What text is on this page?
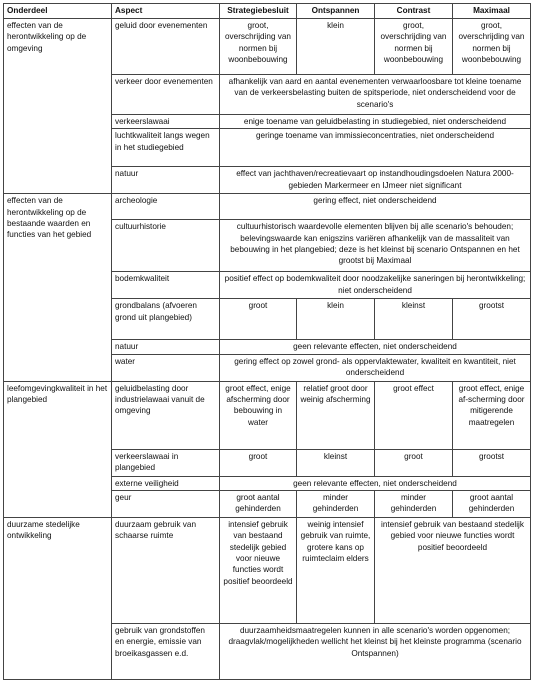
Onderdeel	Aspect	Strategiebesluit	Ontspannen	Contrast	Maximaal
effecten van de herontwikkeling op de omgeving	geluid door evenementen	groot, overschrijding van normen bij woonbebouwing	klein	groot, overschrijding van normen bij woonbebouwing	groot, overschrijding van normen bij woonbebouwing
	verkeer door evenementen	afhankelijk van aard en aantal evenementen verwaarloosbare tot kleine toename van de verkeersbelasting buiten de spitsperiode, niet onderscheidend voor de scenario's			
	verkeerslawaai	enige toename van geluidbelasting in studiegebied, niet onderscheidend			
	luchtkwaliteit langs wegen in het studiegebied	geringe toename van immissieconcentraties, niet onderscheidend			
	natuur	effect van jachthaven/recreatievaart op instandhoudingsdoelen Natura 2000-gebieden Markermeer en IJmeer niet significant			
effecten van de herontwikkeling op de bestaande waarden en functies van het gebied	archeologie	gering effect, niet onderscheidend			
	cultuurhistorie	cultuurhistorisch waardevolle elementen blijven bij alle scenario's behouden; belevingswaarde kan enigszins variëren afhankelijk van de massaliteit van bebouwing in het plangebied; deze is het kleinst bij scenario Ontspannen en het grootst bij Maximaal			
	bodemkwaliteit	positief effect op bodemkwaliteit door noodzakelijke saneringen bij herontwikkeling; niet onderscheidend			
	grondbalans (afvoeren grond uit plangebied)	groot	klein	kleinst	grootst
	natuur	geen relevante effecten, niet onderscheidend			
	water	gering effect op zowel grond- als oppervlaktewater, kwaliteit en kwantiteit, niet onderscheidend			
leefomgevingkwaliteit in het plangebied	geluidbelasting door industrielawaai vanuit de omgeving	groot effect, enige afscherming door bebouwing in water	relatief groot door weinig afscherming	groot effect	groot effect, enige af-scherming door mitigerende maatregelen
	verkeerslawaai in plangebied	groot	kleinst	groot	grootst
	externe veiligheid	geen relevante effecten, niet onderscheidend			
	geur	groot aantal gehinderden	minder gehinderden	minder gehinderden	groot aantal gehinderden
duurzame stedelijke ontwikkeling	duurzaam gebruik van schaarse ruimte	intensief gebruik van bestaand stedelijk gebied voor nieuwe functies wordt positief beoordeeld	weinig intensief gebruik van ruimte, grotere kans op ruimteclaim elders	intensief gebruik van bestaand stedelijk gebied voor nieuwe functies wordt positief beoordeeld	
	gebruik van grondstoffen en energie, emissie van broeikasgassen e.d.	duurzaamheidsmaatregelen kunnen in alle scenario's worden opgenomen; draagvlak/mogelijkheden wellicht het kleinst bij het kleinste programma (scenario Ontspannen)			
